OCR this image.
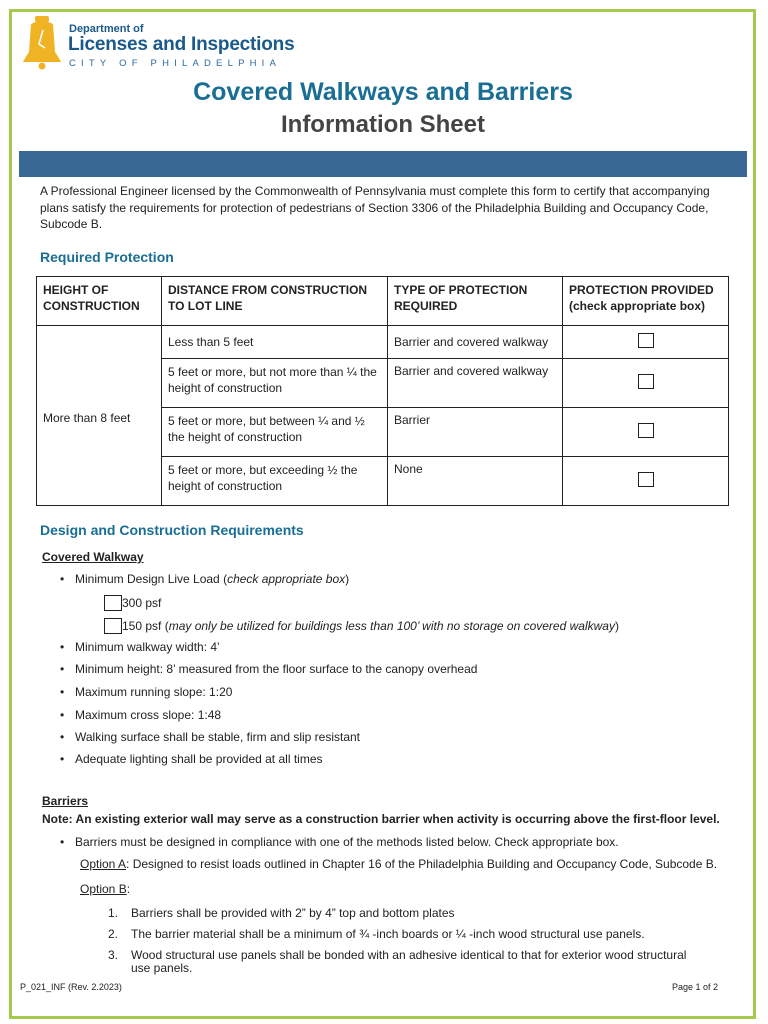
Department of
Licenses and Inspections
CITY OF PHILADELPHIA
Covered Walkways and Barriers
Information Sheet
A Professional Engineer licensed by the Commonwealth of Pennsylvania must complete this form to certify that accompanying plans satisfy the requirements for protection of pedestrians of Section 3306 of the Philadelphia Building and Occupancy Code, Subcode B.
Required Protection
HEIGHT OF CONSTRUCTION	DISTANCE FROM CONSTRUCTION TO LOT LINE	TYPE OF PROTECTION REQUIRED	PROTECTION PROVIDED (check appropriate box)
More than 8 feet	Less than 5 feet	Barrier and covered walkway	
	5 feet or more, but not more than ¼ the height of construction	Barrier and covered walkway	
	5 feet or more, but between ¼ and ½ the height of construction	Barrier	
	5 feet or more, but exceeding ½ the height of construction	None	
Design and Construction Requirements
Covered Walkway
• Minimum Design Live Load (check appropriate box)
300 psf
150 psf (may only be utilized for buildings less than 100’ with no storage on covered walkway)
• Minimum walkway width: 4’
• Minimum height: 8’ measured from the floor surface to the canopy overhead
• Maximum running slope: 1:20
• Maximum cross slope: 1:48
• Walking surface shall be stable, firm and slip resistant
• Adequate lighting shall be provided at all times
Barriers
Note: An existing exterior wall may serve as a construction barrier when activity is occurring above the first-floor level.
• Barriers must be designed in compliance with one of the methods listed below. Check appropriate box.
Option A: Designed to resist loads outlined in Chapter 16 of the Philadelphia Building and Occupancy Code, Subcode B.
Option B:
1. Barriers shall be provided with 2” by 4” top and bottom plates
2. The barrier material shall be a minimum of ¾ -inch boards or ¼ -inch wood structural use panels.
3.	Wood structural use panels shall be bonded with an adhesive identical to that for exterior wood structural use panels.
P_021_INF (Rev. 2.2023)	Page 1 of 2
